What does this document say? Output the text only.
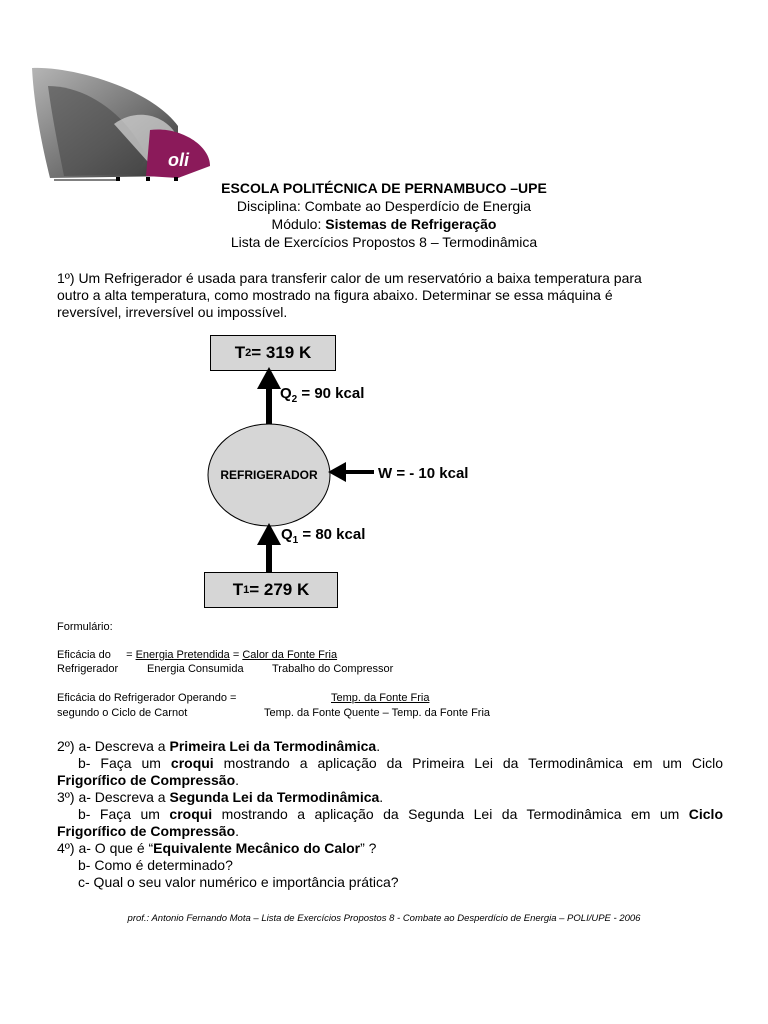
oli
ESCOLA POLITÉCNICA DE PERNAMBUCO –UPE
Disciplina: Combate ao Desperdício de Energia
Módulo: Sistemas de Refrigeração
Lista de Exercícios Propostos 8 – Termodinâmica
1º) Um Refrigerador é usada para transferir calor de um reservatório a baixa temperatura para
outro a alta temperatura, como mostrado na figura abaixo. Determinar se essa máquina é
reversível, irreversível ou impossível.
T 2 = 319 K
$Q_2 = 90$ kcal
REFRIGERADOR	W = - 10 kcal
$Q_1 = 80$ kcal
T 1 = 279 K
Formulário:
Eficácia do     = Energia Pretendida = Calor da Fonte Fria
Refrigerador	Energia Consumida	Trabalho do Compressor
Eficácia do Refrigerador Operando =	Temp. da Fonte Fria
segundo o Ciclo de Carnot	Temp. da Fonte Quente – Temp. da Fonte Fria
2º) a- Descreva a Primeira Lei da Termodinâmica.
b- Faça um croqui mostrando a aplicação da Primeira Lei da Termodinâmica em um Ciclo
Frigorífico de Compressão.
3º) a- Descreva a Segunda Lei da Termodinâmica.
b- Faça um croqui mostrando a aplicação da Segunda Lei da Termodinâmica em um Ciclo
Frigorífico de Compressão.
4º) a- O que é “Equivalente Mecânico do Calor” ?
b- Como é determinado?
c- Qual o seu valor numérico e importância prática?
prof.: Antonio Fernando Mota – Lista de Exercícios Propostos 8 - Combate ao Desperdício de Energia – POLI/UPE - 2006
